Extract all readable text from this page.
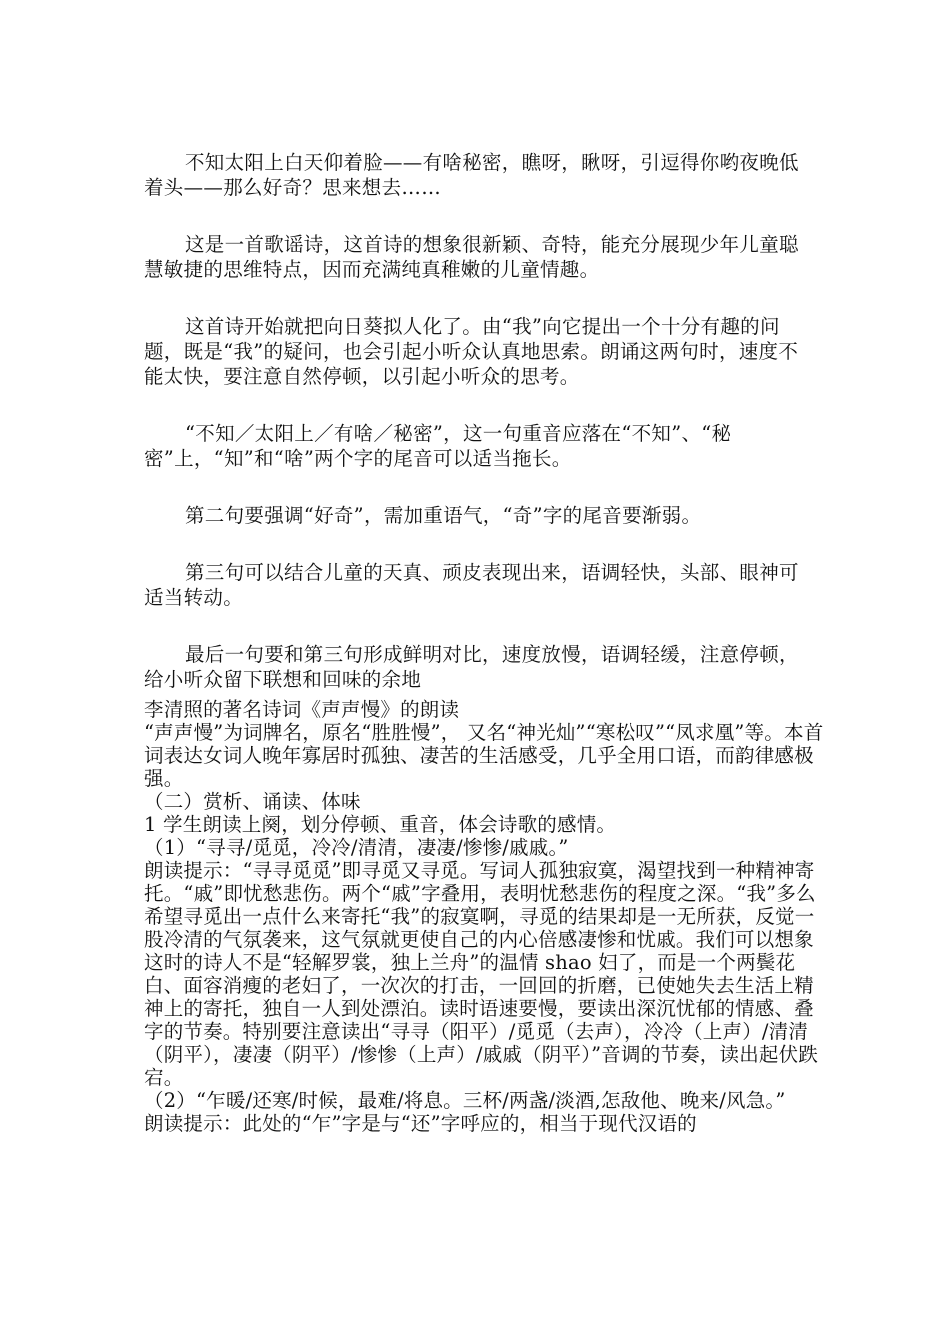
不知太阳上白天仰着脸——有啥秘密，瞧呀，瞅呀，引逗得你哟夜晚低着头——那么好奇？思来想去……

这是一首歌谣诗，这首诗的想象很新颖、奇特，能充分展现少年儿童聪慧敏捷的思维特点，因而充满纯真稚嫩的儿童情趣。

这首诗开始就把向日葵拟人化了。由“我”向它提出一个十分有趣的问题，既是“我”的疑问，也会引起小听众认真地思索。朗诵这两句时，速度不能太快，要注意自然停顿，以引起小听众的思考。

“不知／太阳上／有啥／秘密”，这一句重音应落在“不知”、“秘密”上，“知”和“啥”两个字的尾音可以适当拖长。

第二句要强调“好奇”，需加重语气，“奇”字的尾音要渐弱。

第三句可以结合儿童的天真、顽皮表现出来，语调轻快，头部、眼神可适当转动。

最后一句要和第三句形成鲜明对比，速度放慢，语调轻缓，注意停顿，给小听众留下联想和回味的余地

李清照的著名诗词《声声慢》的朗读

“声声慢”为词牌名，原名“胜胜慢”， 又名“神光灿”“寒松叹”“凤求凰”等。本首词表达女词人晚年寡居时孤独、凄苦的生活感受，几乎全用口语，而韵律感极强。

（二）赏析、诵读、体味

1 学生朗读上阕，划分停顿、重音，体会诗歌的感情。

（1）“寻寻/觅觅，冷冷/清清，凄凄/惨惨/戚戚。”

朗读提示：“寻寻觅觅”即寻觅又寻觅。写词人孤独寂寞，渴望找到一种精神寄托。“戚”即忧愁悲伤。两个“戚”字叠用，表明忧愁悲伤的程度之深。“我”多么希望寻觅出一点什么来寄托“我”的寂寞啊，寻觅的结果却是一无所获，反觉一股冷清的气氛袭来，这气氛就更使自己的内心倍感凄惨和忧戚。我们可以想象这时的诗人不是“轻解罗裳，独上兰舟”的温情 shao 妇了，而是一个两鬓花白、面容消瘦的老妇了，一次次的打击，一回回的折磨，已使她失去生活上精神上的寄托，独自一人到处漂泊。读时语速要慢，要读出深沉忧郁的情感、叠字的节奏。特别要注意读出“寻寻（阳平）/觅觅（去声），冷冷（上声）/清清（阴平），凄凄（阴平）/惨惨（上声）/戚戚（阴平）”音调的节奏，读出起伏跌宕。

（2）“乍暖/还寒/时候，最难/将息。三杯/两盏/淡酒,怎敌他、晚来/风急。”

朗读提示：此处的“乍”字是与“还”字呼应的，相当于现代汉语的
